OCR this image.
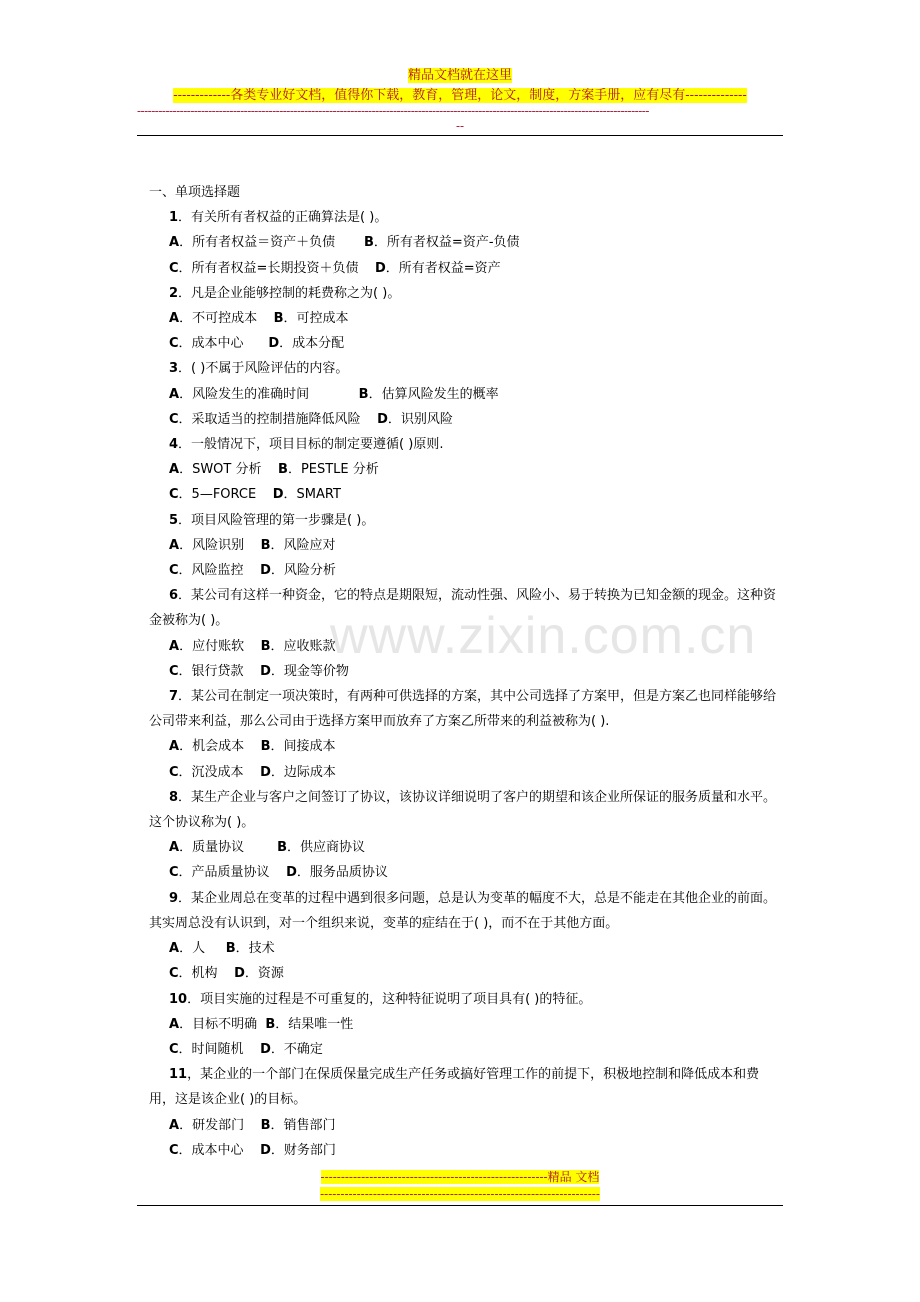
精品文档就在这里
-------------各类专业好文档，值得你下载，教育，管理，论文，制度，方案手册，应有尽有--------------
------------------------------------------------------------------------------------------------------------------------------------------------
--
www.zixin.com.cn

一、单项选择题

1．有关所有者权益的正确算法是( )。

A．所有者权益＝资产＋负债       B．所有者权益=资产-负债

C．所有者权益=长期投资＋负债    D．所有者权益=资产

2．凡是企业能够控制的耗费称之为( )。

A．不可控成本    B．可控成本

C．成本中心      D．成本分配

3．( )不属于风险评估的内容。

A．风险发生的准确时间            B．估算风险发生的概率

C．采取适当的控制措施降低风险    D．识别风险

4．一般情况下，项目目标的制定要遵循( )原则.

A．SWOT 分析    B．PESTLE 分析

C．5—FORCE    D．SMART

5．项目风险管理的第一步骤是( )。

A．风险识别    B．风险应对

C．风险监控    D．风险分析

6．某公司有这样一种资金，它的特点是期限短，流动性强、风险小、易于转换为已知金额的现金。这种资金被称为( )。

A．应付账软    B．应收账款

C．银行贷款    D．现金等价物

7．某公司在制定一项决策时，有两种可供选择的方案，其中公司选择了方案甲，但是方案乙也同样能够给公司带来利益，那么公司由于选择方案甲而放弃了方案乙所带来的利益被称为( ).

A．机会成本    B．间接成本

C．沉没成本    D．边际成本

8．某生产企业与客户之间签订了协议，该协议详细说明了客户的期望和该企业所保证的服务质量和水平。这个协议称为( )。

A．质量协议        B．供应商协议

C．产品质量协议    D．服务品质协议

9．某企业周总在变革的过程中遇到很多问题，总是认为变革的幅度不大，总是不能走在其他企业的前面。其实周总没有认识到，对一个组织来说，变革的症结在于( )，而不在于其他方面。

A．人     B．技术

C．机构    D．资源

10．项目实施的过程是不可重复的，这种特征说明了项目具有( )的特征。

A．目标不明确  B．结果唯一性

C．时间随机    D．不确定

11，某企业的一个部门在保质保量完成生产任务或搞好管理工作的前提下，积极地控制和降低成本和费用，这是该企业( )的目标。

A．研发部门    B．销售部门

C．成本中心    D．财务部门

--------------------------------------------------------精品 文档
---------------------------------------------------------------------
